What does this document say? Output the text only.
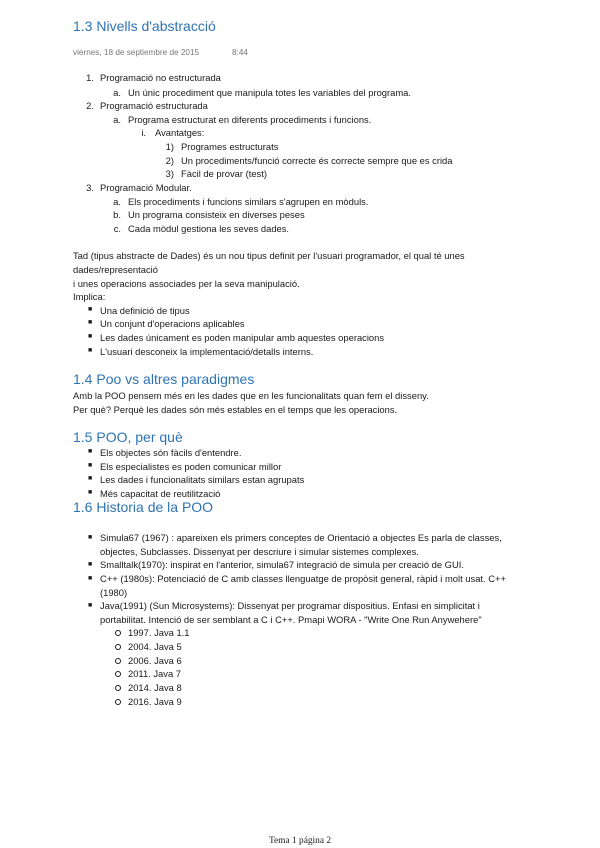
1.3 Nivells d'abstracció
viernes, 18 de septiembre de 2015	8:44
1. Programació no estructurada
a. Un únic procediment que manipula totes les variables del programa.
2. Programació estructurada
a. Programa estructurat en diferents procediments i funcions.
i. Avantatges:
1) Programes estructurats
2) Un procediments/funció correcte és correcte sempre que es crida
3) Fàcil de provar (test)
3. Programació Modular.
a. Els procediments i funcions similars s'agrupen en mòduls.
b. Un programa consisteix en diverses peses
c. Cada mòdul gestiona les seves dades.
Tad (tipus abstracte de Dades) és un nou tipus definit per l'usuari programador, el qual té unes
dades/representació
i unes operacions associades per la seva manipulació.
Implica:
■ Una definició de tipus
■ Un conjunt d'operacions aplicables
■ Les dades únicament es poden manipular amb aquestes operacions
■ L'usuari desconeix la implementació/detalls interns.
1.4 Poo vs altres paradigmes
Amb la POO pensem més en les dades que en les funcionalitats quan fem el disseny.
Per què? Perquè les dades són més estables en el temps que les operacions.
1.5 POO, per què
■ Els objectes són fàcils d'entendre.
■ Els especialistes es poden comunicar millor
■ Les dades i funcionalitats similars estan agrupats
■ Més capacitat de reutilització
1.6 Historia de la POO
■ Simula67 (1967) : apareixen els primers conceptes de Orientació a objectes Es parla de classes,
objectes, Subclasses. Dissenyat per descriure i simular sistemes complexes.
■ Smalltalk(1970): inspirat en l'anterior, simula67 integració de simula per creació de GUI.
■ C++ (1980s): Potenciació de C amb classes llenguatge de propòsit general, ràpid i molt usat. C++
(1980)
■ Java(1991) (Sun Microsystems): Dissenyat per programar dispositius. Enfasi en simplicitat i
portabilitat. Intenció de ser semblant a C i C++. Pmapi WORA - "Write One Run Anywehere"
1997. Java 1.1
2004. Java 5
2006. Java 6
2011. Java 7
2014. Java 8
2016. Java 9
Tema 1 página 2
